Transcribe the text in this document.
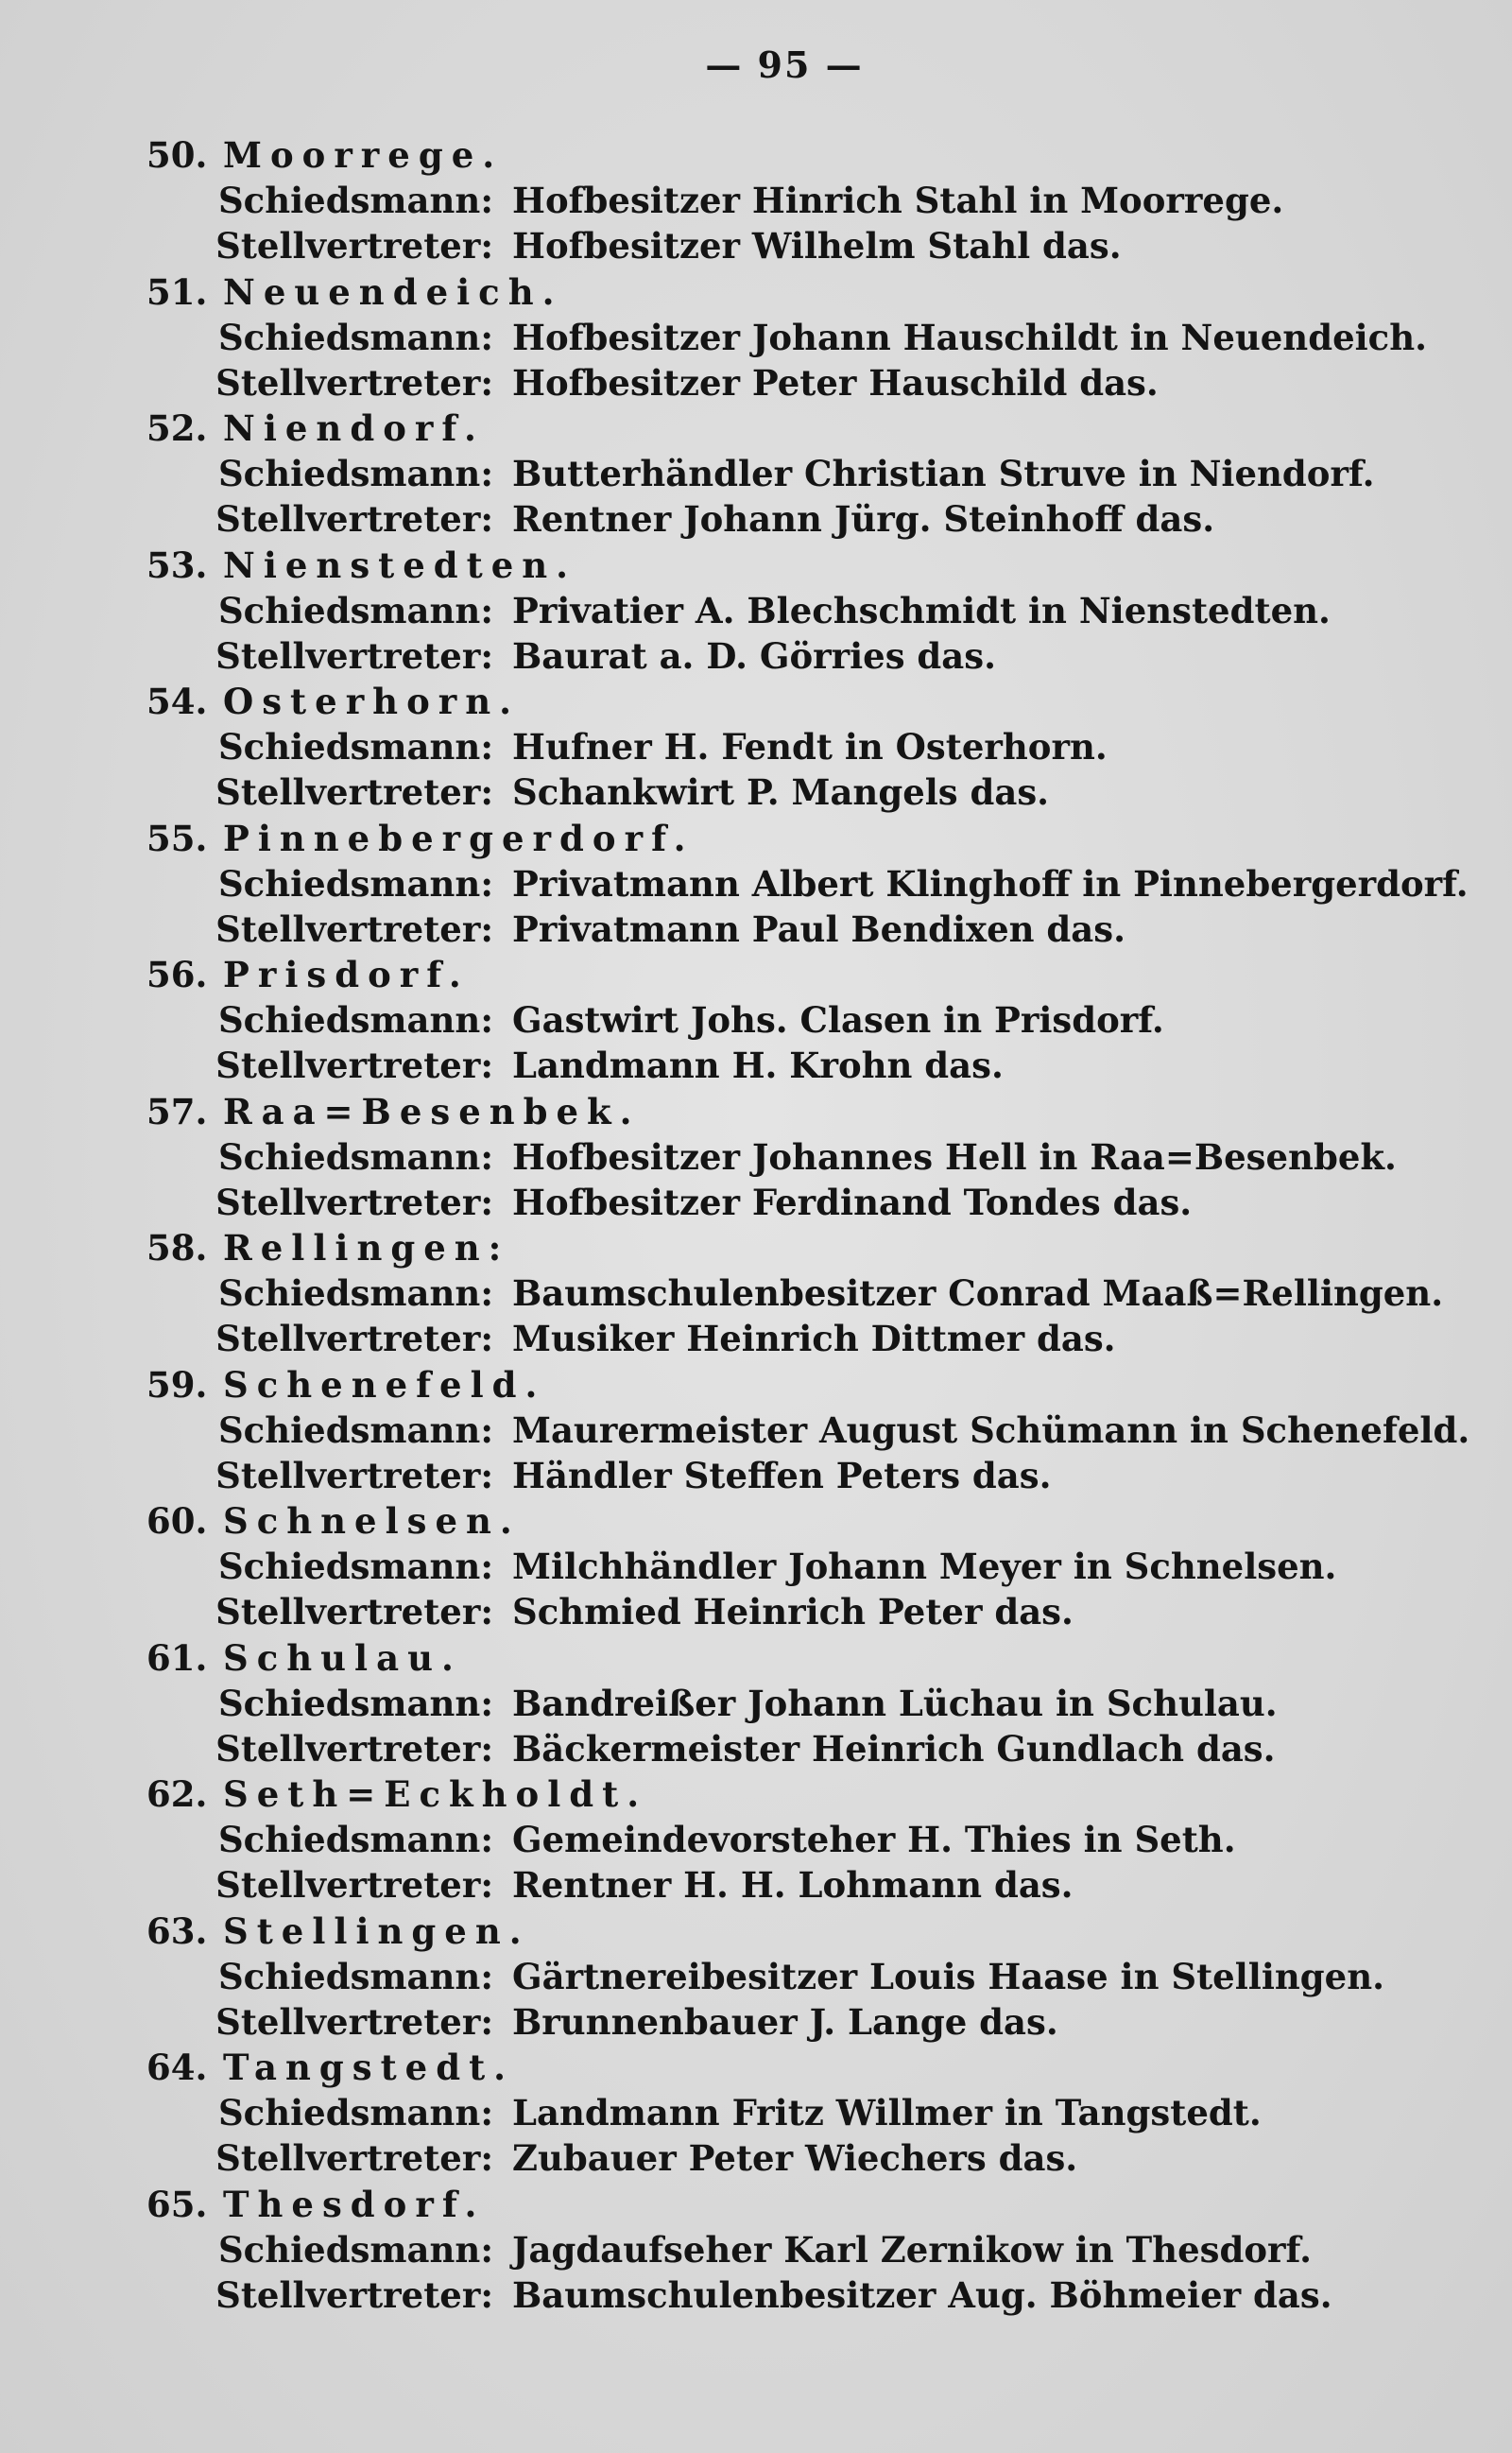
— 95 —
50. Moorrege.
Schiedsmann: Hofbesitzer Hinrich Stahl in Moorrege.
Stellvertreter: Hofbesitzer Wilhelm Stahl das.
51. Neuendeich.
Schiedsmann: Hofbesitzer Johann Hauschildt in Neuendeich.
Stellvertreter: Hofbesitzer Peter Hauschild das.
52. Niendorf.
Schiedsmann: Butterhändler Christian Struve in Niendorf.
Stellvertreter: Rentner Johann Jürg. Steinhoff das.
53. Nienstedten.
Schiedsmann: Privatier A. Blechschmidt in Nienstedten.
Stellvertreter: Baurat a. D. Görries das.
54. Osterhorn.
Schiedsmann: Hufner H. Fendt in Osterhorn.
Stellvertreter: Schankwirt P. Mangels das.
55. Pinnebergerdorf.
Schiedsmann: Privatmann Albert Klinghoff in Pinnebergerdorf.
Stellvertreter: Privatmann Paul Bendixen das.
56. Prisdorf.
Schiedsmann: Gastwirt Johs. Clasen in Prisdorf.
Stellvertreter: Landmann H. Krohn das.
57. Raa=Besenbek.
Schiedsmann: Hofbesitzer Johannes Hell in Raa=Besenbek.
Stellvertreter: Hofbesitzer Ferdinand Tondes das.
58. Rellingen:
Schiedsmann: Baumschulenbesitzer Conrad Maaß=Rellingen.
Stellvertreter: Musiker Heinrich Dittmer das.
59. Schenefeld.
Schiedsmann: Maurermeister August Schümann in Schenefeld.
Stellvertreter: Händler Steffen Peters das.
60. Schnelsen.
Schiedsmann: Milchhändler Johann Meyer in Schnelsen.
Stellvertreter: Schmied Heinrich Peter das.
61. Schulau.
Schiedsmann: Bandreißer Johann Lüchau in Schulau.
Stellvertreter: Bäckermeister Heinrich Gundlach das.
62. Seth=Eckholdt.
Schiedsmann: Gemeindevorsteher H. Thies in Seth.
Stellvertreter: Rentner H. H. Lohmann das.
63. Stellingen.
Schiedsmann: Gärtnereibesitzer Louis Haase in Stellingen.
Stellvertreter: Brunnenbauer J. Lange das.
64. Tangstedt.
Schiedsmann: Landmann Fritz Willmer in Tangstedt.
Stellvertreter: Zubauer Peter Wiechers das.
65. Thesdorf.
Schiedsmann: Jagdaufseher Karl Zernikow in Thesdorf.
Stellvertreter: Baumschulenbesitzer Aug. Böhmeier das.
